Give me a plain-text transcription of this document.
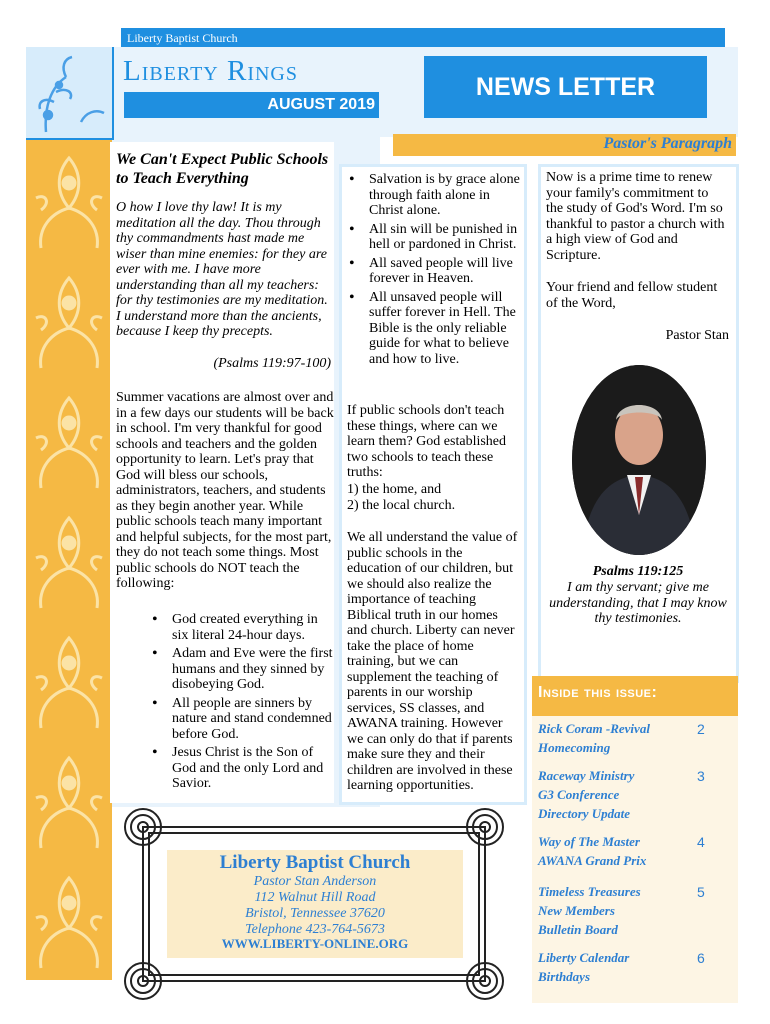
Liberty Baptist Church
Liberty Rings
AUGUST 2019
NEWS LETTER
Pastor's Paragraph
We Can't Expect Public Schools to Teach Everything
O how I love thy law! It is my meditation all the day. Thou through thy commandments hast made me wiser than mine enemies: for they are ever with me. I have more understanding than all my teachers: for thy testimonies are my meditation. I understand more than the ancients, because I keep thy precepts.
(Psalms 119:97-100)
Summer vacations are almost over and in a few days our students will be back in school. I'm very thankful for good schools and teachers and the golden opportunity to learn. Let's pray that God will bless our schools, administrators, teachers, and students as they begin another year. While public schools teach many important and helpful subjects, for the most part, they do not teach some things. Most public schools do NOT teach the following:
• God created everything in six literal 24-hour days.
• Adam and Eve were the first humans and they sinned by disobeying God.
• All people are sinners by nature and stand condemned before God.
• Jesus Christ is the Son of God and the only Lord and Savior.
• Salvation is by grace alone through faith alone in Christ alone.
• All sin will be punished in hell or pardoned in Christ.
• All saved people will live forever in Heaven.
• All unsaved people will suffer forever in Hell. The Bible is the only reliable guide for what to believe and how to live.
If public schools don't teach these things, where can we learn them? God established two schools to teach these truths:
1) the home, and
2) the local church.
We all understand the value of public schools in the education of our children, but we should also realize the importance of teaching Biblical truth in our homes and church. Liberty can never take the place of home training, but we can supplement the teaching of parents in our worship services, SS classes, and AWANA training. However we can only do that if parents make sure they and their children are involved in these learning opportunities.
Now is a prime time to renew your family's commitment to the study of God's Word. I'm so thankful to pastor a church with a high view of God and Scripture.
Your friend and fellow student of the Word,
Pastor Stan
Psalms 119:125
I am thy servant; give me understanding, that I may know thy testimonies.
Inside this issue:
Rick Coram -Revival
Homecoming
2
Raceway Ministry
G3 Conference
Directory Update
3
Way of The Master
AWANA Grand Prix
4
Timeless Treasures
New Members
Bulletin Board
5
Liberty Calendar
Birthdays
6
Liberty Baptist Church
Pastor Stan Anderson
112 Walnut Hill Road
Bristol, Tennessee 37620
Telephone 423-764-5673
WWW.LIBERTY-ONLINE.ORG
